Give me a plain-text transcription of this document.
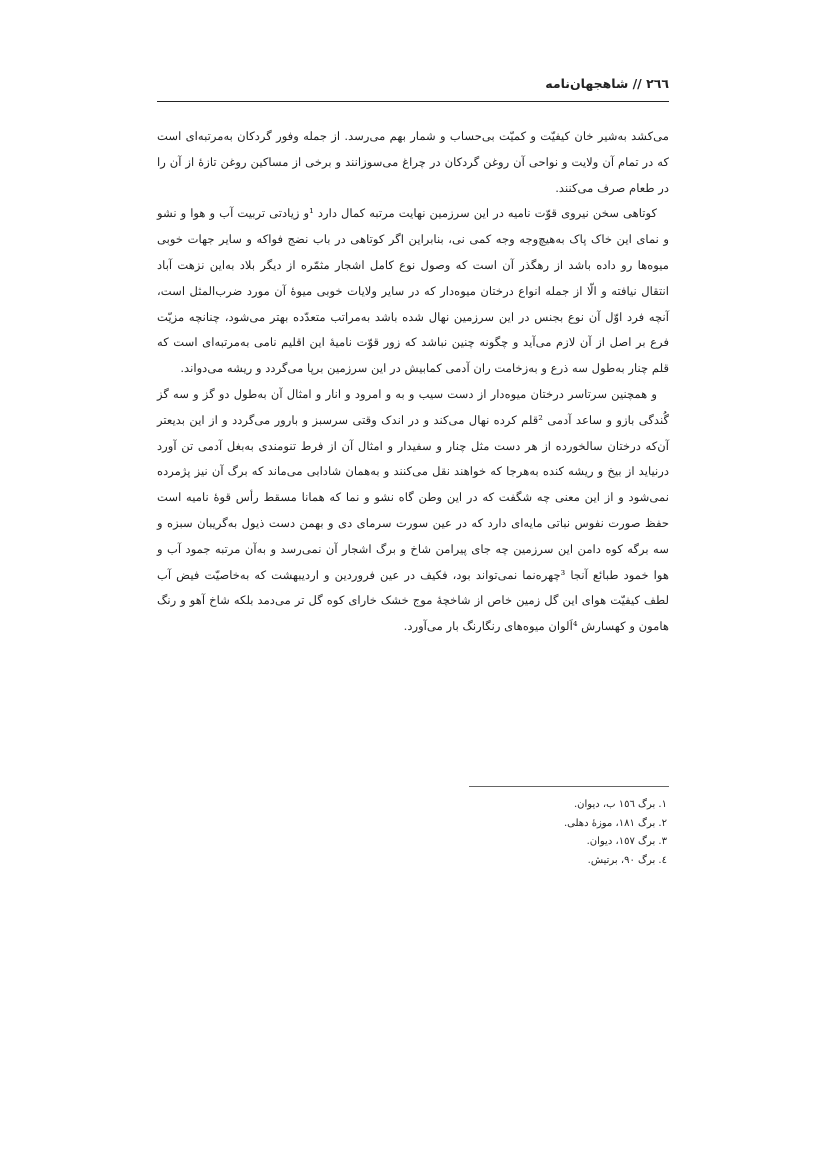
٢٦٦ // شاهجهان‌نامه

می‌کشد به‌شیر خان کیفیّت و کمیّت بی‌حساب و شمار بهم می‌رسد. از جمله وفور گردکان به‌مرتبه‌ای است که در تمام آن ولایت و نواحی آن روغن گردکان در چراغ می‌سوزانند و برخی از مساکین روغن تازهٔ از آن را در طعام صرف می‌کنند.

کوتاهی سخن نیروی قوّت نامیه در این سرزمین نهایت مرتبه کمال دارد ¹و زیادتی تربیت آب و هوا و نشو و نمای این خاک پاک به‌هیچ‌وجه وجه کمی نی، بنابراین اگر کوتاهی در باب نضج فواکه و سایر جهات خوبی میوه‌ها رو داده باشد از رهگذر آن است که وصول نوع کامل اشجار مثمّره از دیگر بلاد به‌این نزهت آباد انتقال نیافته و الّا از جمله انواع درختان میوه‌دار که در سایر ولایات خوبی میوهٔ آن مورد ضرب‌المثل است، آنچه فرد اوّل آن نوع بجنس در این سرزمین نهال شده باشد به‌مراتب متعدّده بهتر می‌شود، چنانچه مزیّت فرع بر اصل از آن لازم می‌آید و چگونه چنین نباشد که زور قوّت نامیهٔ این اقلیم نامی به‌مرتبه‌ای است که قلم چنار به‌طول سه ذرع و به‌زخامت ران آدمی کمابیش در این سرزمین برپا می‌گردد و ریشه می‌دواند.

و همچنین سرتاسر درختان میوه‌دار از دست سیب و به و امرود و انار و امثال آن به‌طول دو گز و سه گز گُندگی بازو و ساعد آدمی ²قلم کرده نهال می‌کند و در اندک وقتی سرسبز و بارور می‌گردد و از این بدیعتر آن‌که درختان سالخورده از هر دست مثل چنار و سفیدار و امثال آن از فرط تنومندی به‌بغل آدمی تن آورد درنیاید از بیخ و ریشه کنده به‌هرجا که خواهند نقل می‌کنند و به‌همان شادابی می‌ماند که برگ آن نیز پژمرده نمی‌شود و از این معنی چه شگفت که در این وطن گاه نشو و نما که همانا مسقط رأس قوهٔ نامیه است حفظ صورت نفوس نباتی مایه‌ای دارد که در عین سورت سرمای دی و بهمن دست ذیول به‌گریبان سبزه و سه برگه کوه دامن این سرزمین چه جای پیرامن شاخ و برگ اشجار آن نمی‌رسد و به‌آن مرتبه جمود آب و هوا خمود طبائع آنجا ³چهره‌نما نمی‌تواند بود، فکیف در عین فروردین و اردیبهشت که به‌خاصیّت فیض آب لطف کیفیّت هوای این گل زمین خاص از شاخچهٔ موج خشک خارای کوه گل تر می‌دمد بلکه شاخ آهو و رنگ هامون و کهسارش ⁴اَلوان میوه‌های رنگارنگ بار می‌آورد.

١. برگ ١٥٦ ب، دیوان.

٢. برگ ١٨١، موزهٔ دهلی.

٣. برگ ١٥٧، دیوان.

٤. برگ ٩٠، برتیش.
